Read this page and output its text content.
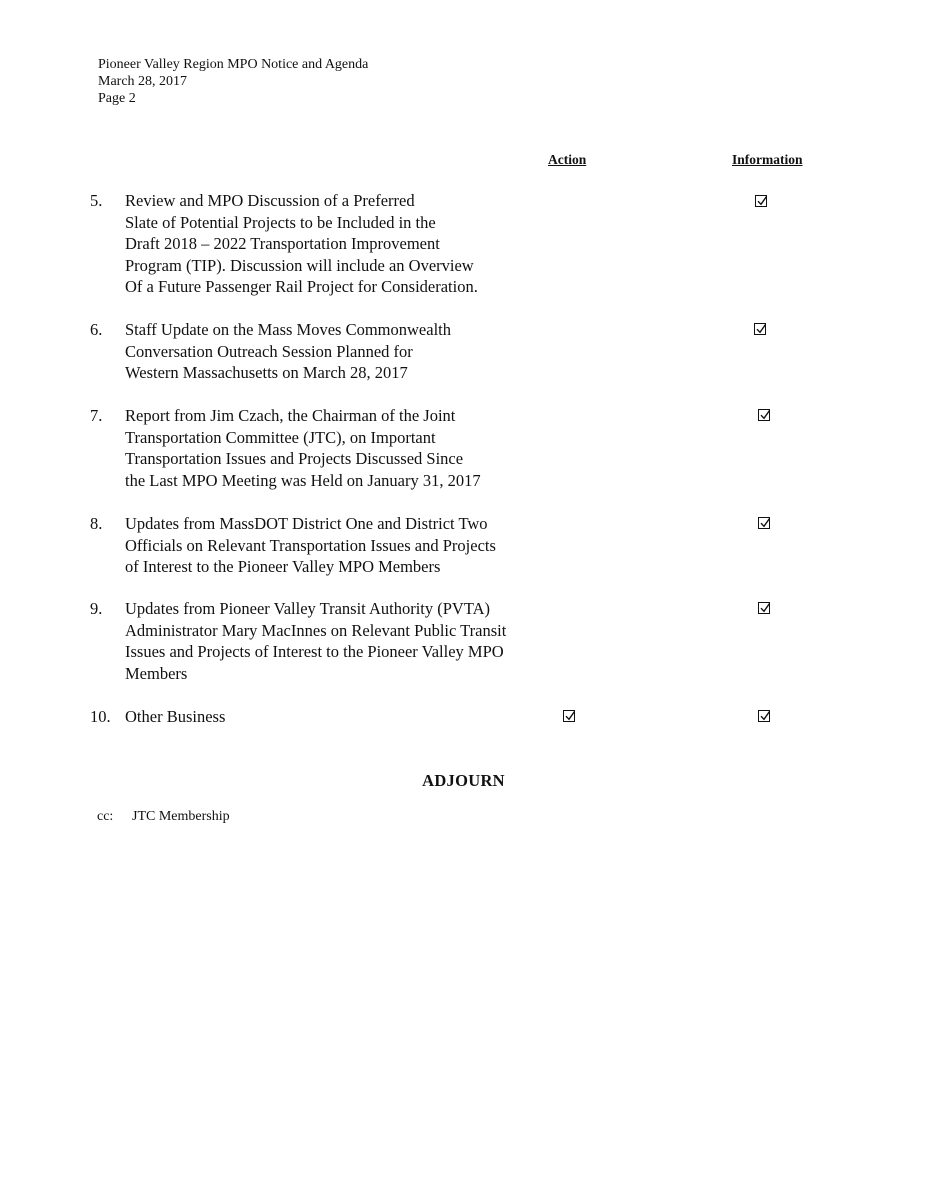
Pioneer Valley Region MPO Notice and Agenda
March 28, 2017
Page 2
Action	Information
5. Review and MPO Discussion of a Preferred
Slate of Potential Projects to be Included in the
Draft 2018 – 2022 Transportation Improvement
Program (TIP). Discussion will include an Overview
Of a Future Passenger Rail Project for Consideration.
6. Staff Update on the Mass Moves Commonwealth
Conversation Outreach Session Planned for
Western Massachusetts on March 28, 2017
7. Report from Jim Czach, the Chairman of the Joint
Transportation Committee (JTC), on Important
Transportation Issues and Projects Discussed Since
the Last MPO Meeting was Held on January 31, 2017
8. Updates from MassDOT District One and District Two
Officials on Relevant Transportation Issues and Projects
of Interest to the Pioneer Valley MPO Members
9. Updates from Pioneer Valley Transit Authority (PVTA)
Administrator Mary MacInnes on Relevant Public Transit
Issues and Projects of Interest to the Pioneer Valley MPO
Members
10. Other Business
ADJOURN
cc: JTC Membership
